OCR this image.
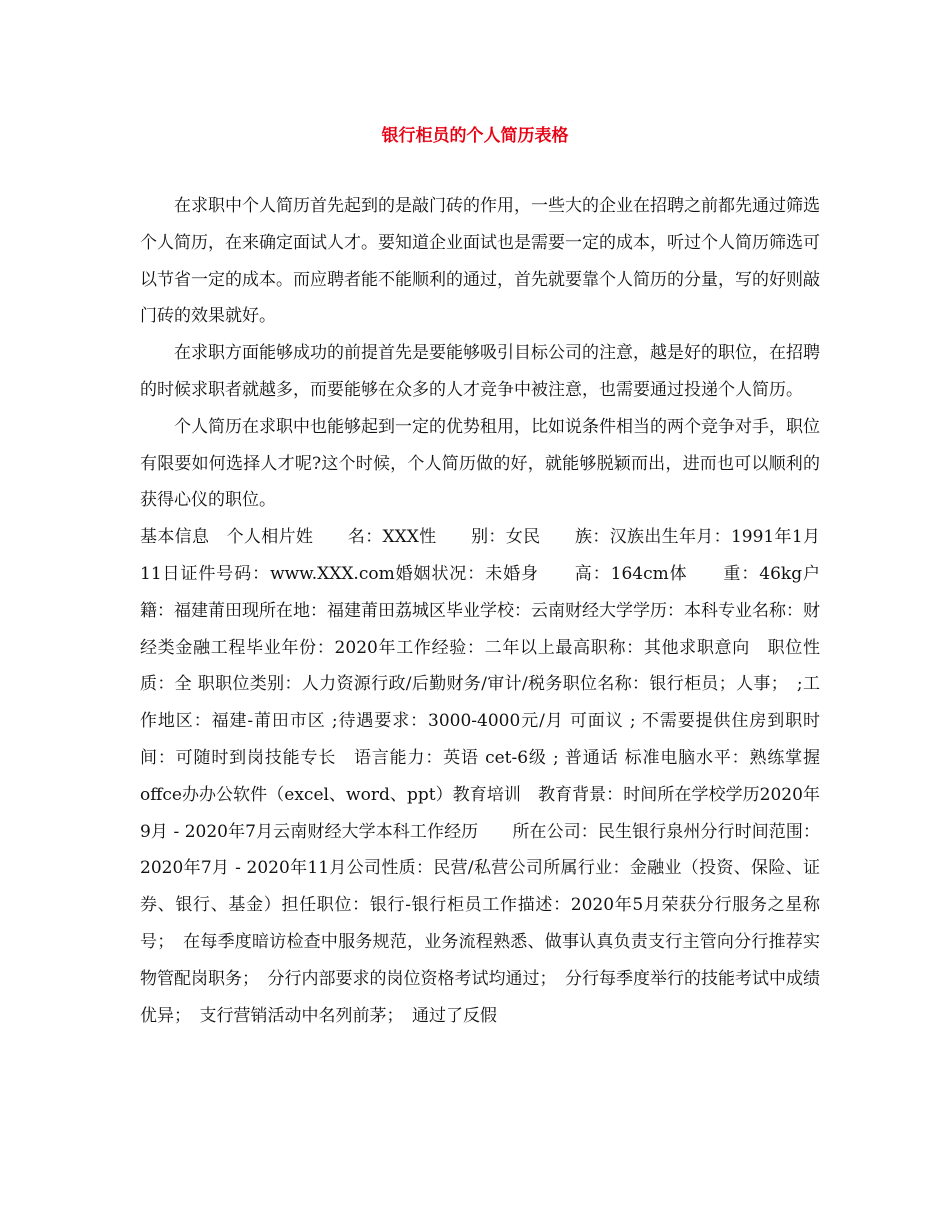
银行柜员的个人简历表格

在求职中个人简历首先起到的是敲门砖的作用，一些大的企业在招聘之前都先通过筛选个人简历，在来确定面试人才。要知道企业面试也是需要一定的成本，听过个人简历筛选可以节省一定的成本。而应聘者能不能顺利的通过，首先就要靠个人简历的分量，写的好则敲门砖的效果就好。

在求职方面能够成功的前提首先是要能够吸引目标公司的注意，越是好的职位，在招聘的时候求职者就越多，而要能够在众多的人才竞争中被注意，也需要通过投递个人简历。

个人简历在求职中也能够起到一定的优势租用，比如说条件相当的两个竞争对手，职位有限要如何选择人才呢?这个时候，个人简历做的好，就能够脱颖而出，进而也可以顺利的获得心仪的职位。

基本信息　个人相片姓　　名：XXX性　　别：女民　　族：汉族出生年月：1991年1月11日证件号码：www.XXX.com婚姻状况：未婚身　　高：164cm体　　重：46kg户　　籍：福建莆田现所在地：福建莆田荔城区毕业学校：云南财经大学学历：本科专业名称：财经类金融工程毕业年份：2020年工作经验：二年以上最高职称：其他求职意向　职位性质：全 职职位类别：人力资源行政/后勤财务/审计/税务职位名称：银行柜员；人事；　;工作地区：福建-莆田市区 ;待遇要求：3000-4000元/月 可面议 ; 不需要提供住房到职时间：可随时到岗技能专长　语言能力：英语 cet-6级 ; 普通话 标准电脑水平：熟练掌握offce办办公软件（excel、word、ppt）教育培训　教育背景：时间所在学校学历2020年9月 - 2020年7月云南财经大学本科工作经历　　所在公司：民生银行泉州分行时间范围：2020年7月 - 2020年11月公司性质：民营/私营公司所属行业：金融业（投资、保险、证券、银行、基金）担任职位：银行-银行柜员工作描述：2020年5月荣获分行服务之星称号；　在每季度暗访检查中服务规范，业务流程熟悉、做事认真负责支行主管向分行推荐实物管配岗职务；　分行内部要求的岗位资格考试均通过；　分行每季度举行的技能考试中成绩优异；　支行营销活动中名列前茅；　通过了反假
